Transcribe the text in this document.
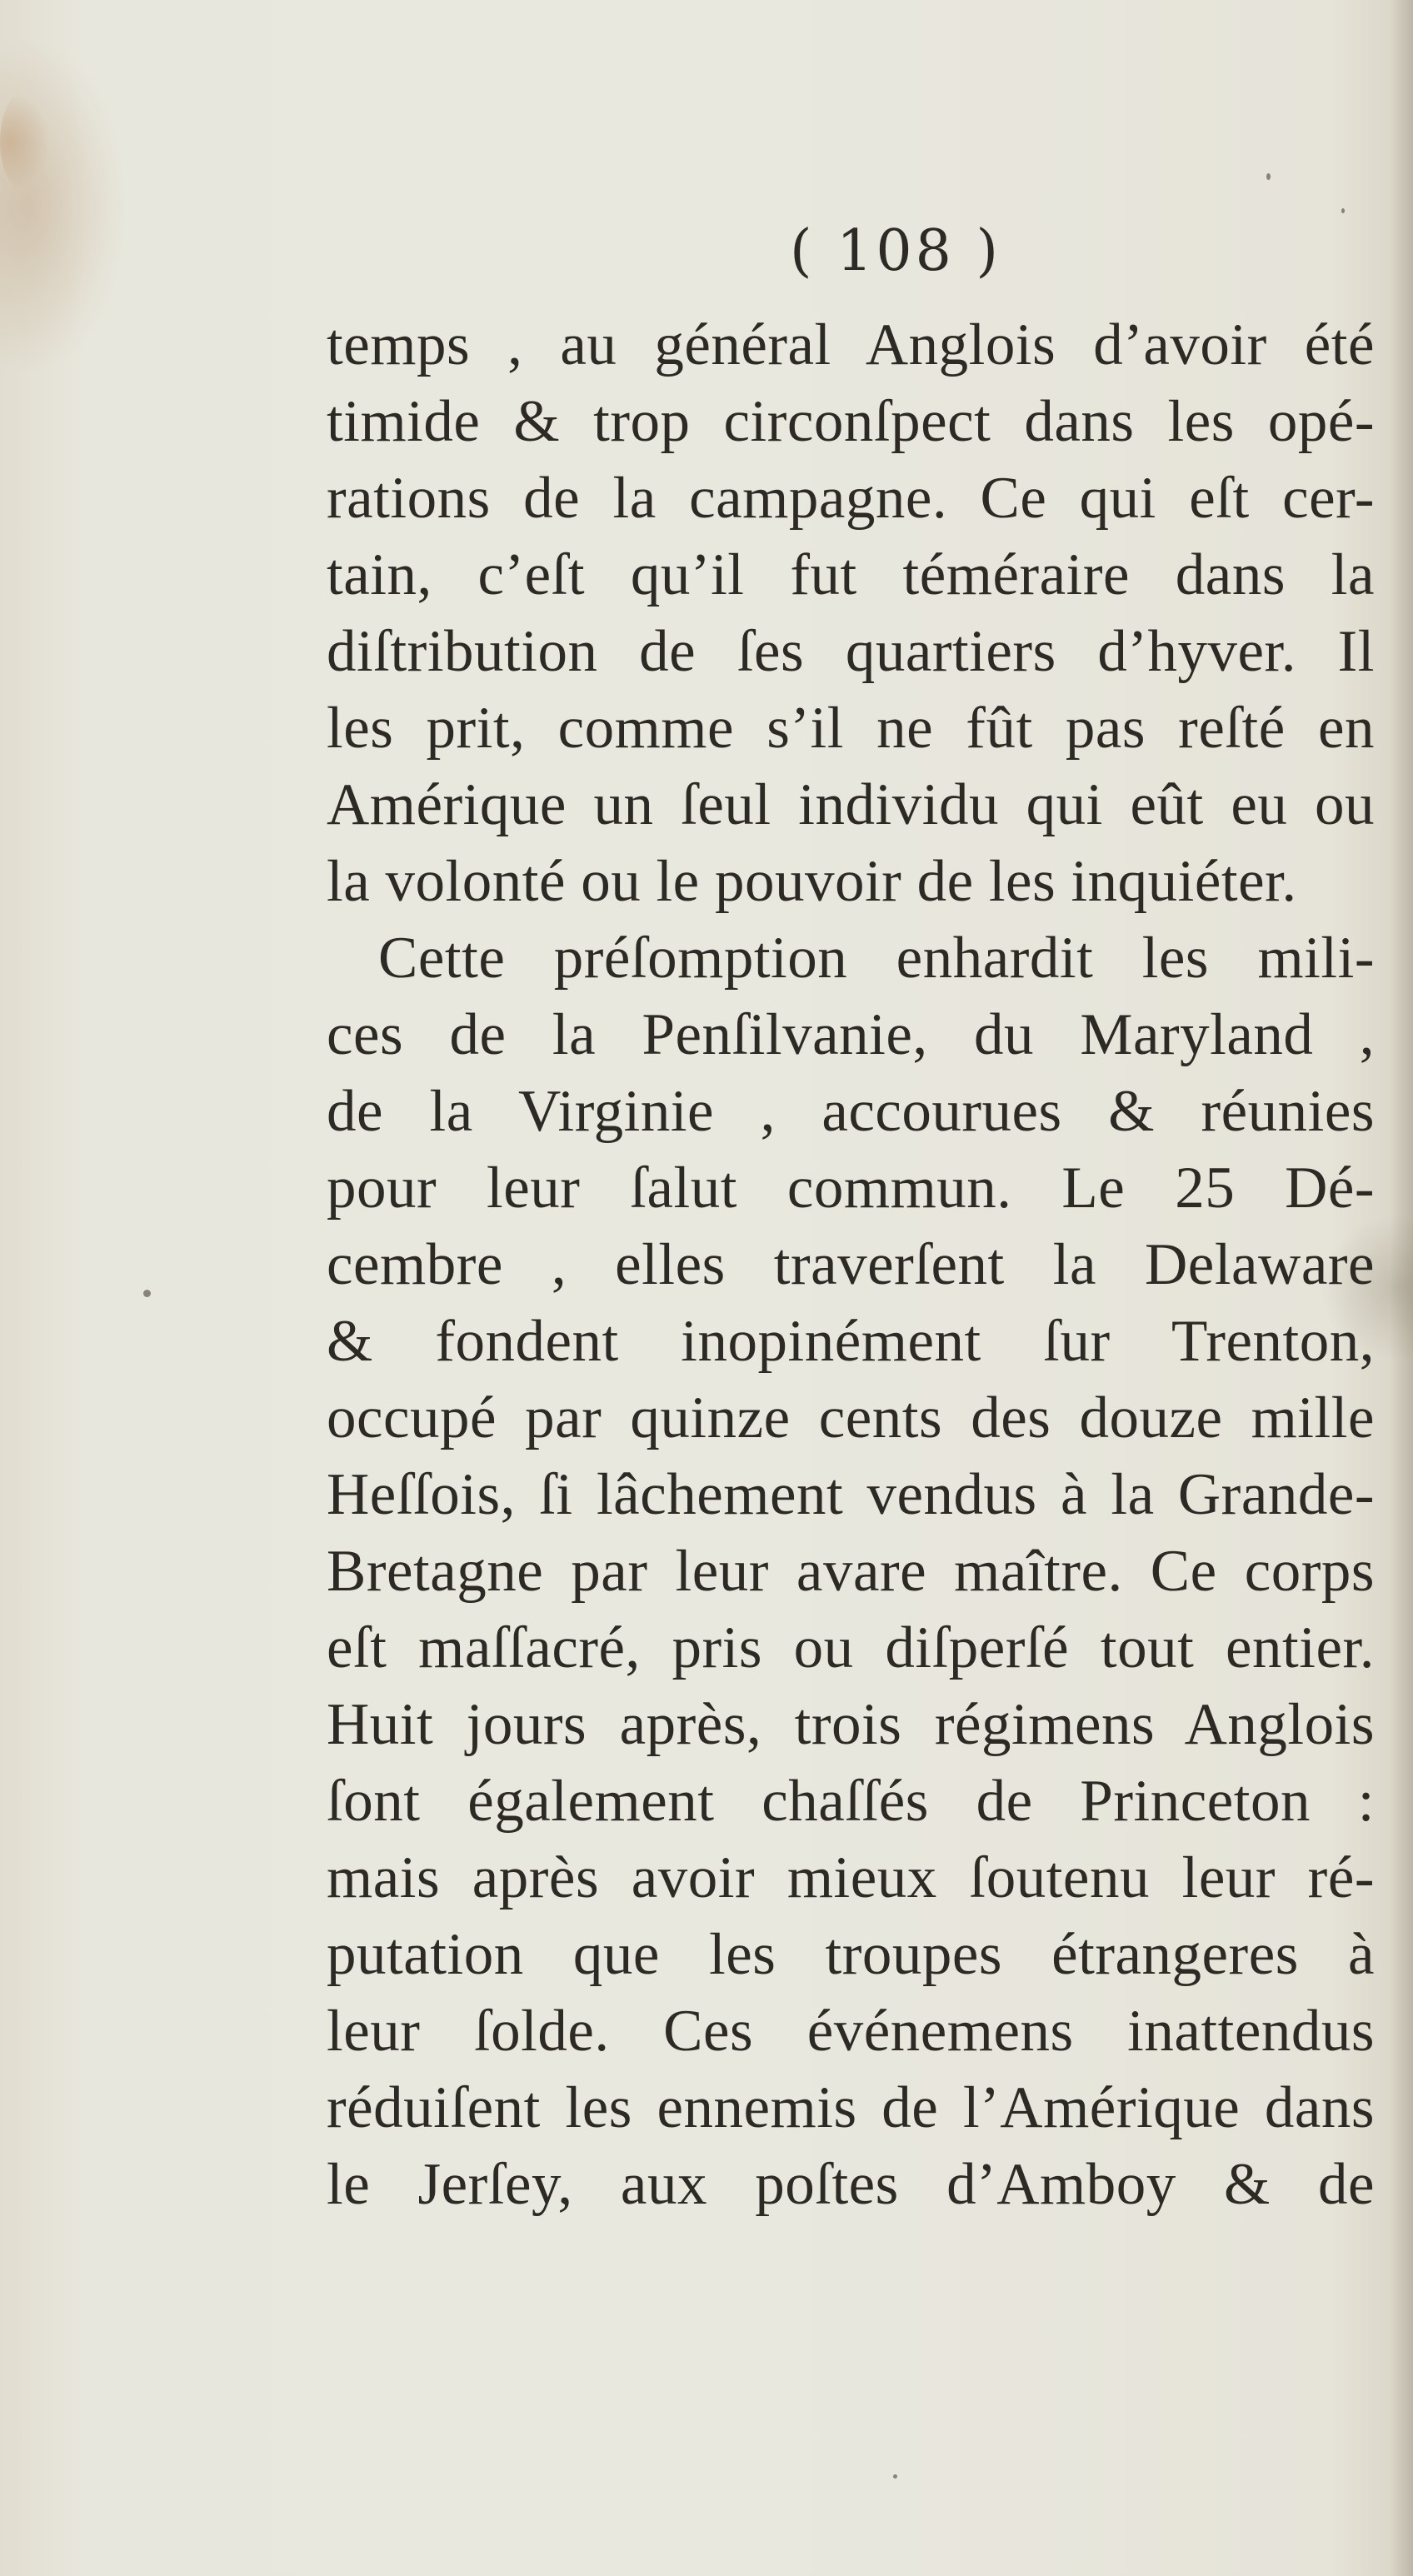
( 108 )
temps , au général Anglois d’avoir été
timide & trop circonſpect dans les opé-
rations de la campagne. Ce qui eſt cer-
tain, c’eſt qu’il fut téméraire dans la
diſtribution de ſes quartiers d’hyver. Il
les prit, comme s’il ne fût pas reſté en
Amérique un ſeul individu qui eût eu ou
la volonté ou le pouvoir de les inquiéter.
Cette préſomption enhardit les mili-
ces de la Penſilvanie, du Maryland ,
de la Virginie , accourues & réunies
pour leur ſalut commun. Le 25 Dé-
cembre , elles traverſent la Delaware
& fondent inopinément ſur Trenton,
occupé par quinze cents des douze mille
Heſſois, ſi lâchement vendus à la Grande-
Bretagne par leur avare maître. Ce corps
eſt maſſacré, pris ou diſperſé tout entier.
Huit jours après, trois régimens Anglois
ſont également chaſſés de Princeton :
mais après avoir mieux ſoutenu leur ré-
putation que les troupes étrangeres à
leur ſolde. Ces événemens inattendus
réduiſent les ennemis de l’Amérique dans
le Jerſey, aux poſtes d’Amboy & de
